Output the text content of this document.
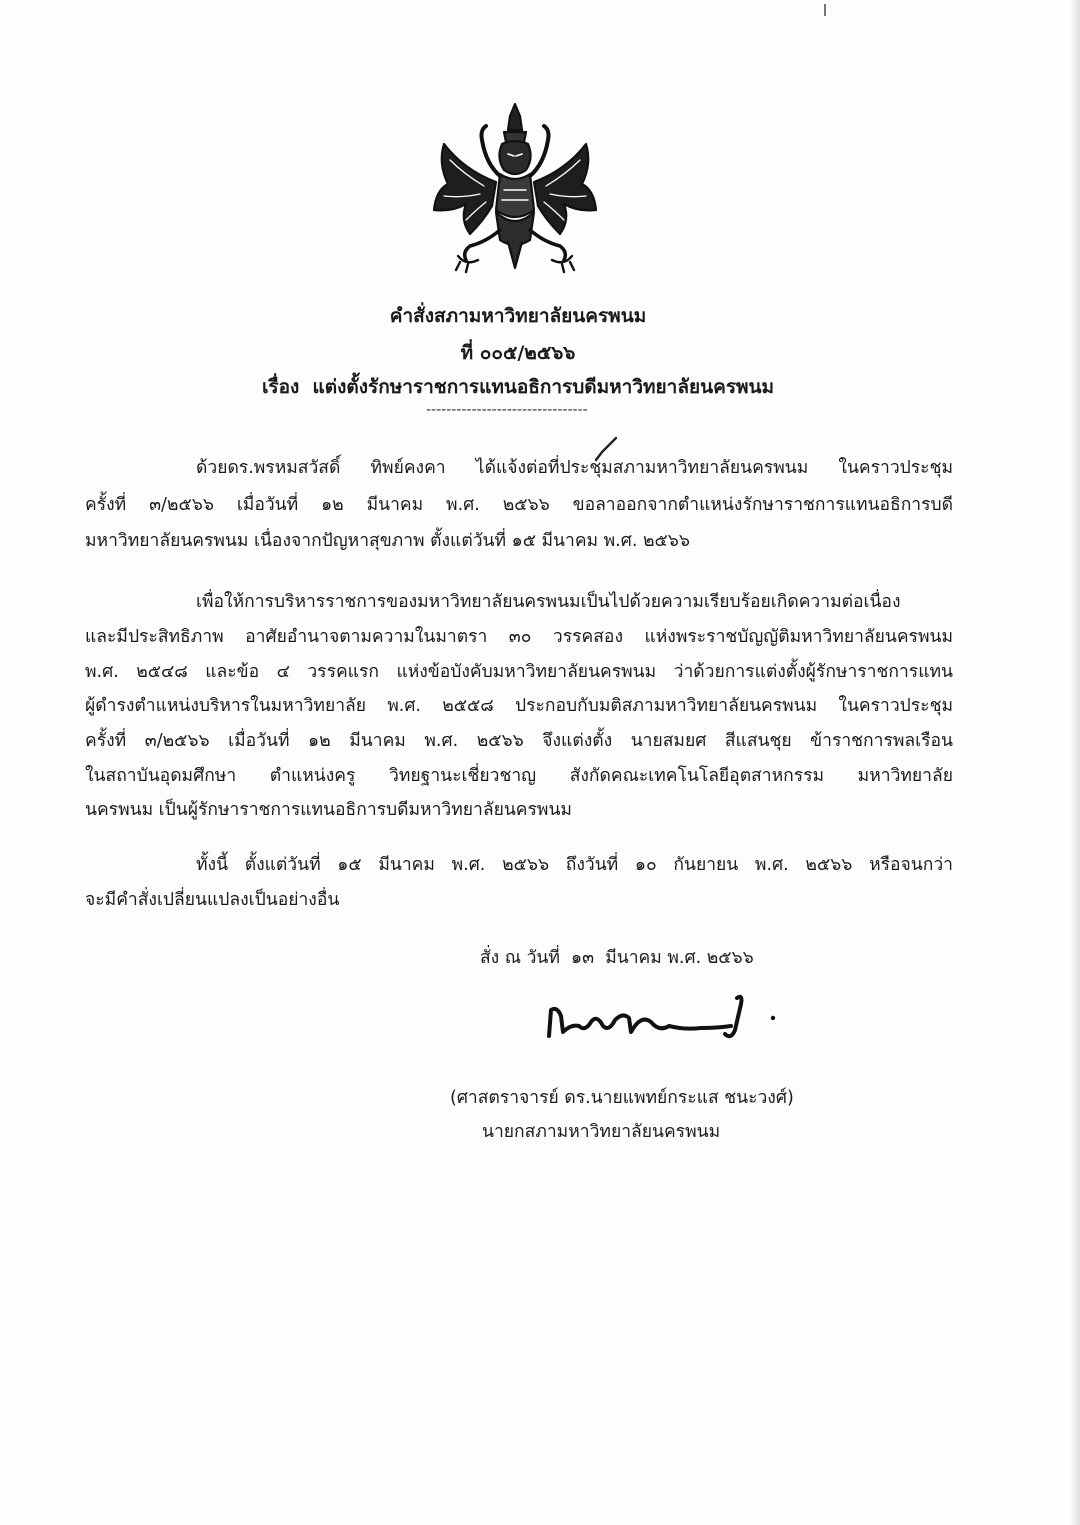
คำสั่งสภามหาวิทยาลัยนครพนม
ที่ ๐๐๕/๒๕๖๖
เรื่อง  แต่งตั้งรักษาราชการแทนอธิการบดีมหาวิทยาลัยนครพนม
--------------------------------
ด้วยดร.พรหมสวัสดิ์ ทิพย์คงคา ได้แจ้งต่อที่ประชุมสภามหาวิทยาลัยนครพนม ในคราวประชุม
ครั้งที่ ๓/๒๕๖๖ เมื่อวันที่ ๑๒ มีนาคม พ.ศ. ๒๕๖๖ ขอลาออกจากตำแหน่งรักษาราชการแทนอธิการบดี
มหาวิทยาลัยนครพนม เนื่องจากปัญหาสุขภาพ ตั้งแต่วันที่ ๑๕ มีนาคม พ.ศ. ๒๕๖๖
เพื่อให้การบริหารราชการของมหาวิทยาลัยนครพนมเป็นไปด้วยความเรียบร้อยเกิดความต่อเนื่อง
และมีประสิทธิภาพ อาศัยอำนาจตามความในมาตรา ๓๐ วรรคสอง แห่งพระราชบัญญัติมหาวิทยาลัยนครพนม
พ.ศ. ๒๕๔๘ และข้อ ๔ วรรคแรก แห่งข้อบังคับมหาวิทยาลัยนครพนม ว่าด้วยการแต่งตั้งผู้รักษาราชการแทน
ผู้ดำรงตำแหน่งบริหารในมหาวิทยาลัย พ.ศ. ๒๕๕๘ ประกอบกับมติสภามหาวิทยาลัยนครพนม ในคราวประชุม
ครั้งที่ ๓/๒๕๖๖ เมื่อวันที่ ๑๒ มีนาคม พ.ศ. ๒๕๖๖ จึงแต่งตั้ง นายสมยศ สีแสนชุย ข้าราชการพลเรือน
ในสถาบันอุดมศึกษา ตำแหน่งครู วิทยฐานะเชี่ยวชาญ สังกัดคณะเทคโนโลยีอุตสาหกรรม มหาวิทยาลัย
นครพนม เป็นผู้รักษาราชการแทนอธิการบดีมหาวิทยาลัยนครพนม
ทั้งนี้ ตั้งแต่วันที่ ๑๕ มีนาคม พ.ศ. ๒๕๖๖ ถึงวันที่ ๑๐ กันยายน พ.ศ. ๒๕๖๖ หรือจนกว่า
จะมีคำสั่งเปลี่ยนแปลงเป็นอย่างอื่น
สั่ง ณ วันที่  ๑๓  มีนาคม พ.ศ. ๒๕๖๖
(ศาสตราจารย์ ดร.นายแพทย์กระแส ชนะวงศ์)
นายกสภามหาวิทยาลัยนครพนม
